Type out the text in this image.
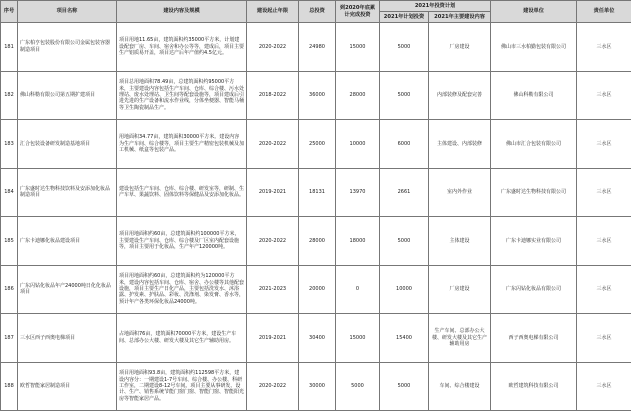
序号	项目名称	建设内容及规模	建设起止年限	总投资	到2020年底累计完成投资	2021年投资计划		建设单位	责任单位
						2021年计划投资	2021年主要建设内容		
181	广东柏亨包装股份有限公司金属包装容器制造项目	项目用地11.65亩，建筑面积约35000平方米，计划建设配套厂房、车间、宿舍和办公等等，建成后，项目主要生产铝质易开盖，项目达产后年产值约4.5亿元。	2020-2022	24980	15000	5000	厂房建设	佛山市三水柏勤包装有限公司	三水区
182	佛山科勒有限公司第五期扩建项目	项目总用地面积78.49亩，总建筑面积约95000平方米，主要建设内容包括生产车间、仓库、综合楼、污水处理站、废水处理站、卫生间等配套设施等，项目建成后引进先进的生产设备和流水作业线，分体坐便器、智能马桶等卫生陶瓷制品生产。	2018-2022	36000	28000	5000	内部装修及配套完善	佛山科勒有限公司	三水区
183	汇合包装设备研发制造基地项目	用地面积34.77亩，建筑面积30000平方米。建设内容为生产车间、综合楼等，项目主要生产精密包装机械及加工机械、纸盒等包装产品。	2020-2022	25000	10000	6000	主体建设、内部装修	佛山市汇合包装有限公司	三水区
184	广东盛时达生物科技饮料及安添加化妆品制造项目	建设包括生产车间、仓库、综合楼、研发室等，研制、生产车草、果蔬饮料、固体饮料等保健品及安添加化妆品。	2019-2021	18131	13970	2661	室内外作业	广东盛时达生物科技有限公司	三水区
185	广东卡迪娜化妆品建设项目	项目用地面积约60亩，总建筑面积约100000平方米，主要建设生产车间、仓库、综合楼及厂区室内配套设施等，项目主要用于化妆品，生产年产120000吨。	2020-2022	28000	18000	5000	主体建设	广东卡迪娜实业有限公司	三水区
186	广东闪钻化妆品年产24000吨日化化妆品项目	项目用地面积约60亩，总建筑面积约为120000平方米，建设内容包括车间、仓库、宿舍、办公楼等其他配套设施，项目主要生产日化产品，主要包括洗发水、沐浴露、护发素、护肤品、彩妆、洗涤剂、染发膏、香水等，预计年产各类环保化妆品24000吨。	2021-2023	20000	0	10000	厂房建设	广东闪钻化妆品有限公司	三水区
187	三水区西子西奥电梯项目	占地面积76亩，建筑面积70000平方米，建设生产车间、总部办公大楼、研发大楼及其它生产辅助用房。	2019-2021	30400	15000	15400	生产车间、总部办公大楼、研发大楼及其它生产辅助用房	西子西奥电梯有限公司	三水区
188	欧哲智能家居制造项目	项目用地面积93.8亩，建筑面积约112598平方米，建设内容分：一期建设1-7号车间、综合楼、办公楼、科研工作室，二期建设8-12号车间。项目主要从事研发、设计、生产、销售系统节能门窗门窗、智能门窗、智能阳光房等智能家居产品。	2020-2022	30000	5000	5000	车间、综合楼建设	欧哲建筑科技有限公司	三水区
